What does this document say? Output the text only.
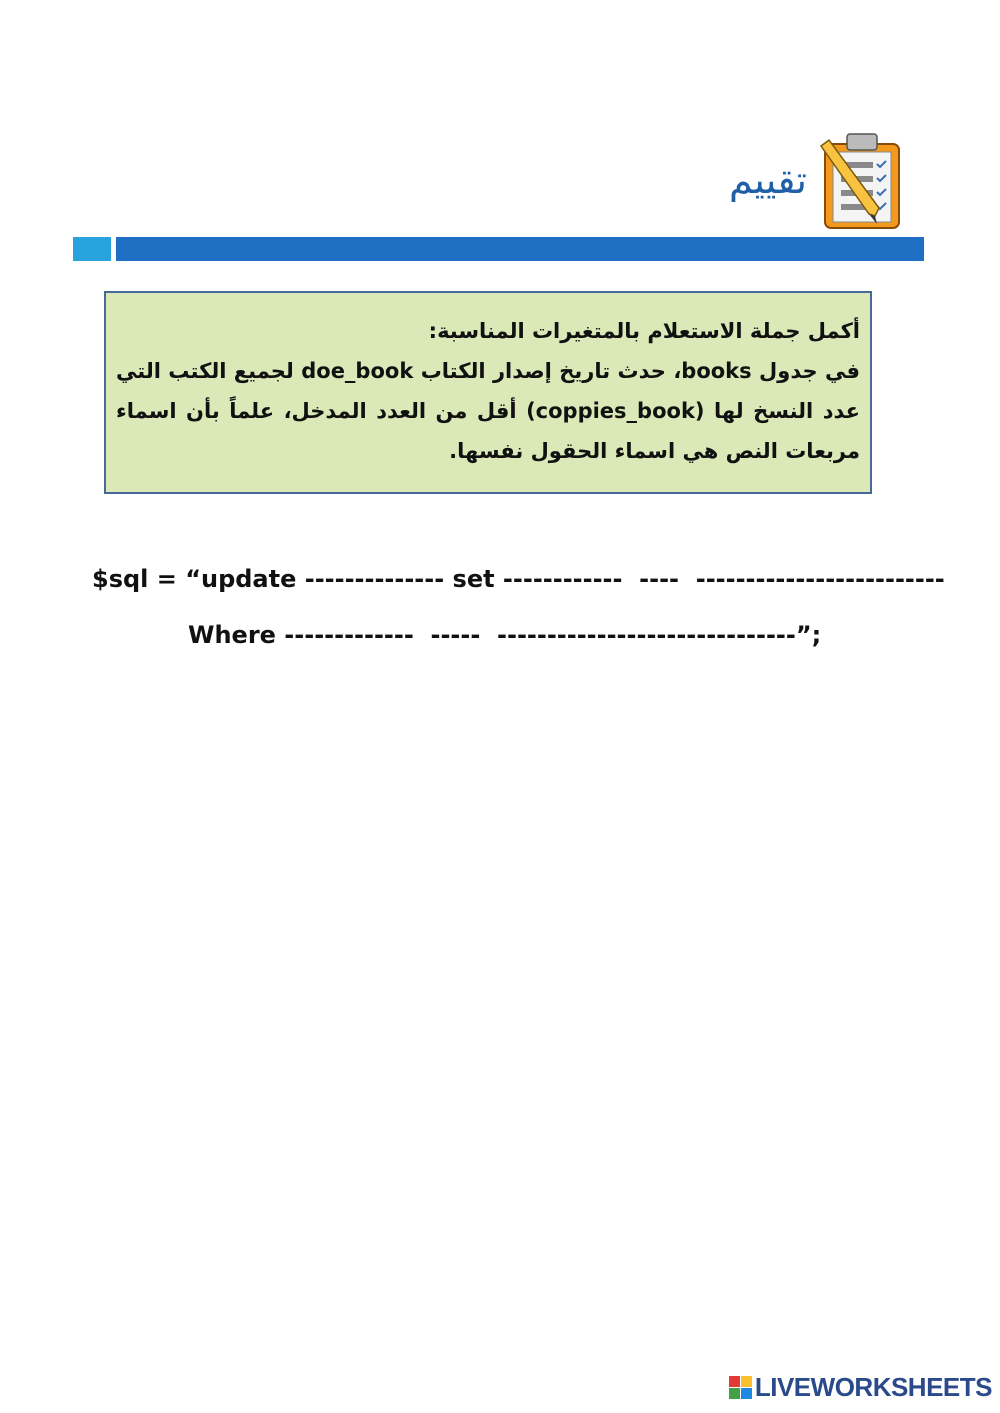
تقييم
أكمل جملة الاستعلام بالمتغيرات المناسبة:
في جدول books، حدث تاريخ إصدار الكتاب doe_book لجميع الكتب التي عدد النسخ لها (coppies_book) أقل من العدد المدخل، علماً بأن اسماء مربعات النص هي اسماء الحقول نفسها.
$sql = “update -------------- set ------------  ----  -------------------------
Where -------------  -----  ------------------------------”;
LIVEWORKSHEETS
